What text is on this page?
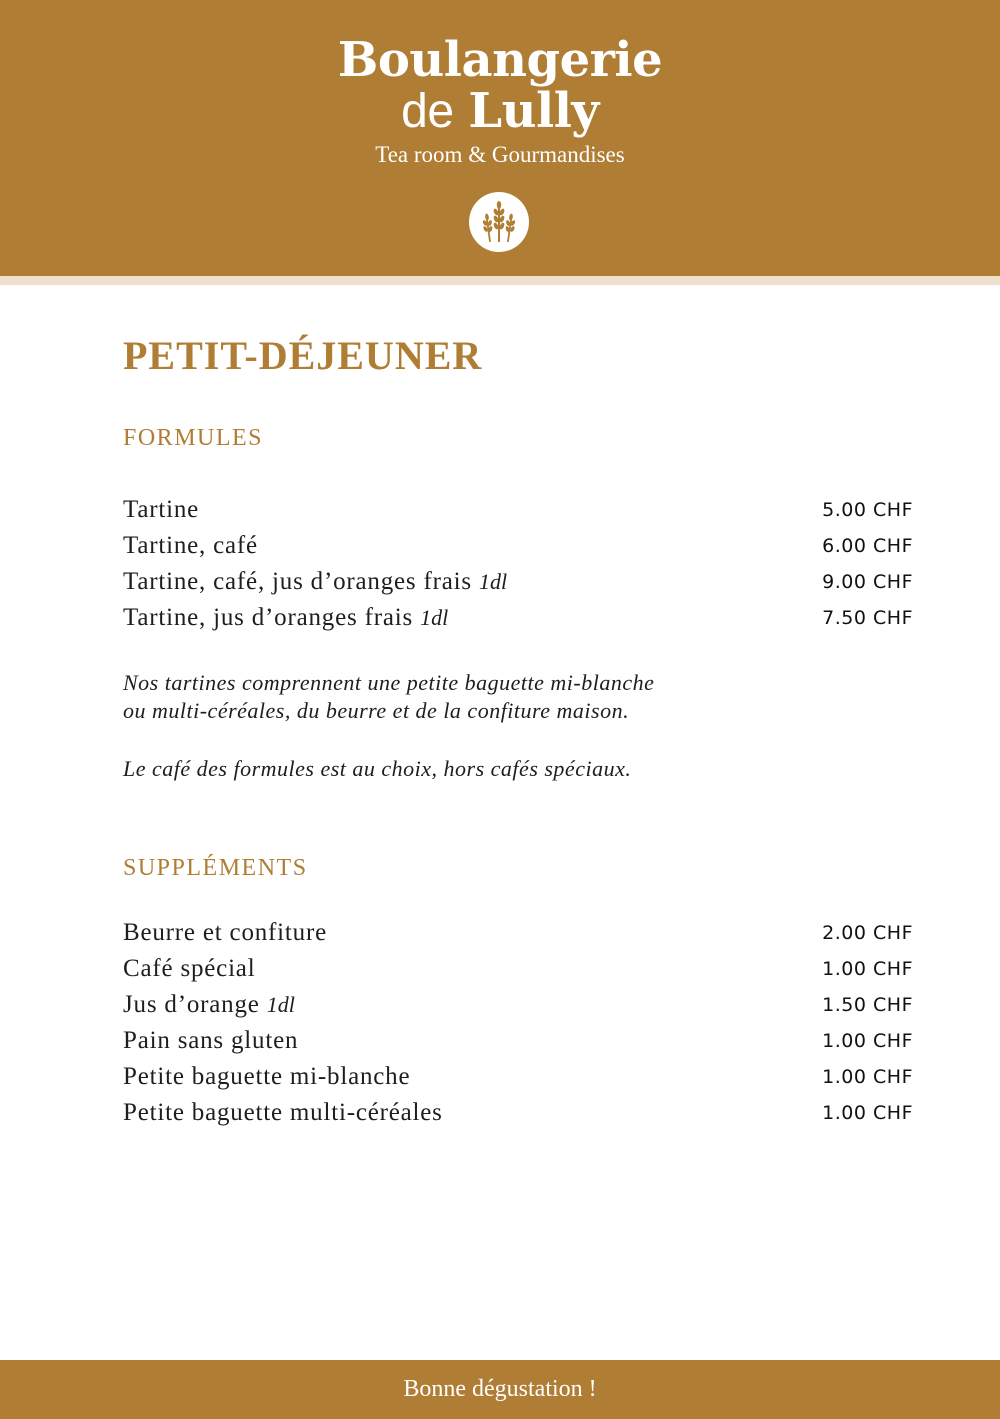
Boulangerie
de Lully
Tea room & Gourmandises
PETIT-DÉJEUNER
FORMULES
Tartine	5.00 CHF
Tartine, café	6.00 CHF
Tartine, café, jus d’oranges frais 1dl	9.00 CHF
Tartine, jus d’oranges frais 1dl	7.50 CHF

Nos tartines comprennent une petite baguette mi-blanche
ou multi-céréales, du beurre et de la confiture maison.

Le café des formules est au choix, hors cafés spéciaux.

SUPPLÉMENTS
Beurre et confiture	2.00 CHF
Café spécial	1.00 CHF
Jus d’orange 1dl	1.50 CHF
Pain sans gluten	1.00 CHF
Petite baguette mi-blanche	1.00 CHF
Petite baguette multi-céréales	1.00 CHF
Bonne dégustation !
